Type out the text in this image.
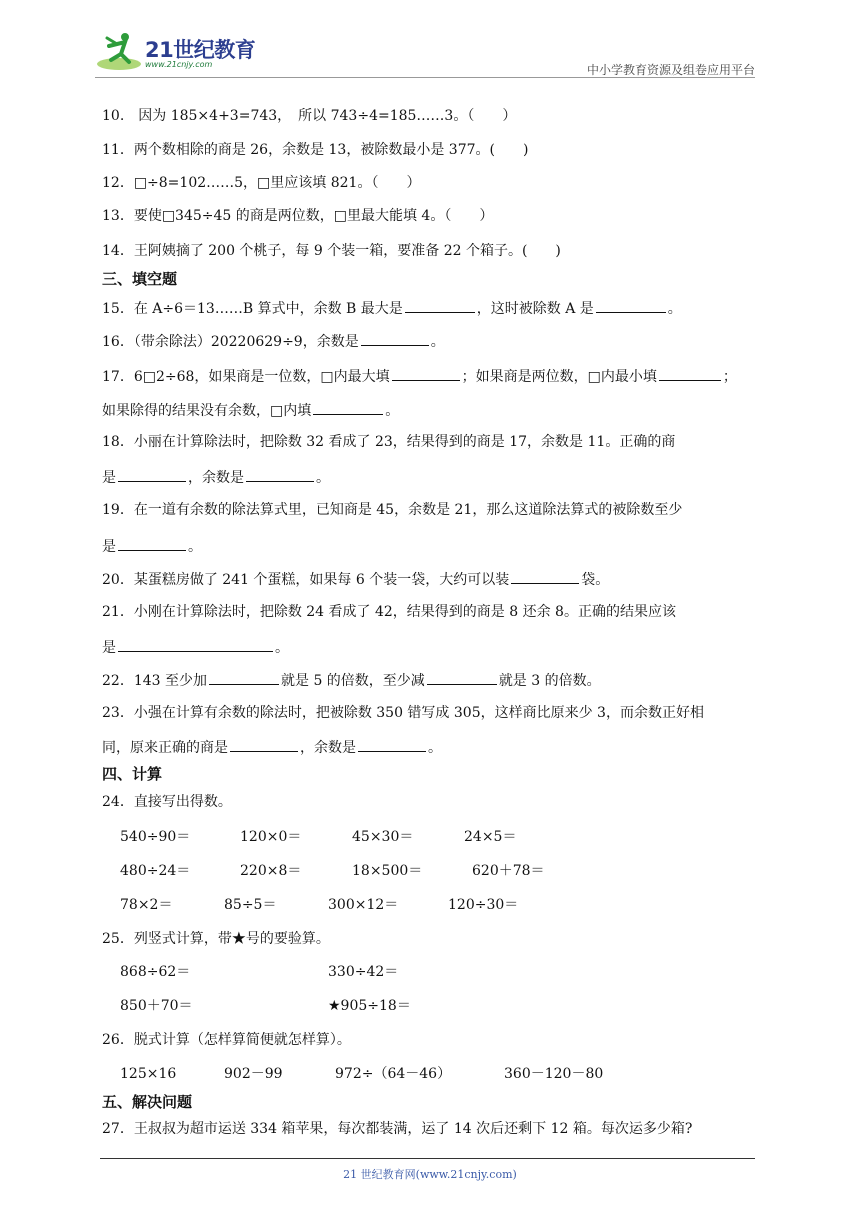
21世纪教育
www.21cnjy.com	中小学教育资源及组卷应用平台
10.　因为 185×4+3=743，　所以 743÷4=185……3。（　　）
11．两个数相除的商是 26，余数是 13，被除数最小是 377。(　　)
12．□÷8=102……5，□里应该填 821。（　　）
13．要使□345÷45 的商是两位数，□里最大能填 4。（　　）
14．王阿姨摘了 200 个桃子，每 9 个装一箱，要准备 22 个箱子。(　　)
三、填空题
15．在 A÷6＝13……B 算式中，余数 B 最大是	，这时被除数 A 是	。
16．（带余除法）20220629÷9，余数是	。
17．6□2÷68，如果商是一位数，□内最大填	；如果商是两位数，□内最小填	；
如果除得的结果没有余数，□内填	。
18．小丽在计算除法时，把除数 32 看成了 23，结果得到的商是 17，余数是 11。正确的商
是	，余数是	。
19．在一道有余数的除法算式里，已知商是 45，余数是 21，那么这道除法算式的被除数至少
是	。
20．某蛋糕房做了 241 个蛋糕，如果每 6 个装一袋，大约可以装	袋。
21．小刚在计算除法时，把除数 24 看成了 42，结果得到的商是 8 还余 8。正确的结果应该
是	。
22．143 至少加	就是 5 的倍数，至少减	就是 3 的倍数。
23．小强在计算有余数的除法时，把被除数 350 错写成 305，这样商比原来少 3，而余数正好相
同，原来正确的商是	，余数是	。
四、计算
24．直接写出得数。
540÷90＝	120×0＝	45×30＝	24×5＝
480÷24＝	220×8＝	18×500＝	620＋78＝
78×2＝	85÷5＝	300×12＝	120÷30＝
25．列竖式计算，带★号的要验算。
868÷62＝	330÷42＝
850＋70＝	★905÷18＝
26．脱式计算（怎样算简便就怎样算）。
125×16	902－99	972÷（64－46）	360－120－80
五、解决问题
27．王叔叔为超市运送 334 箱苹果，每次都装满，运了 14 次后还剩下 12 箱。每次运多少箱?
21 世纪教育网(www.21cnjy.com)
